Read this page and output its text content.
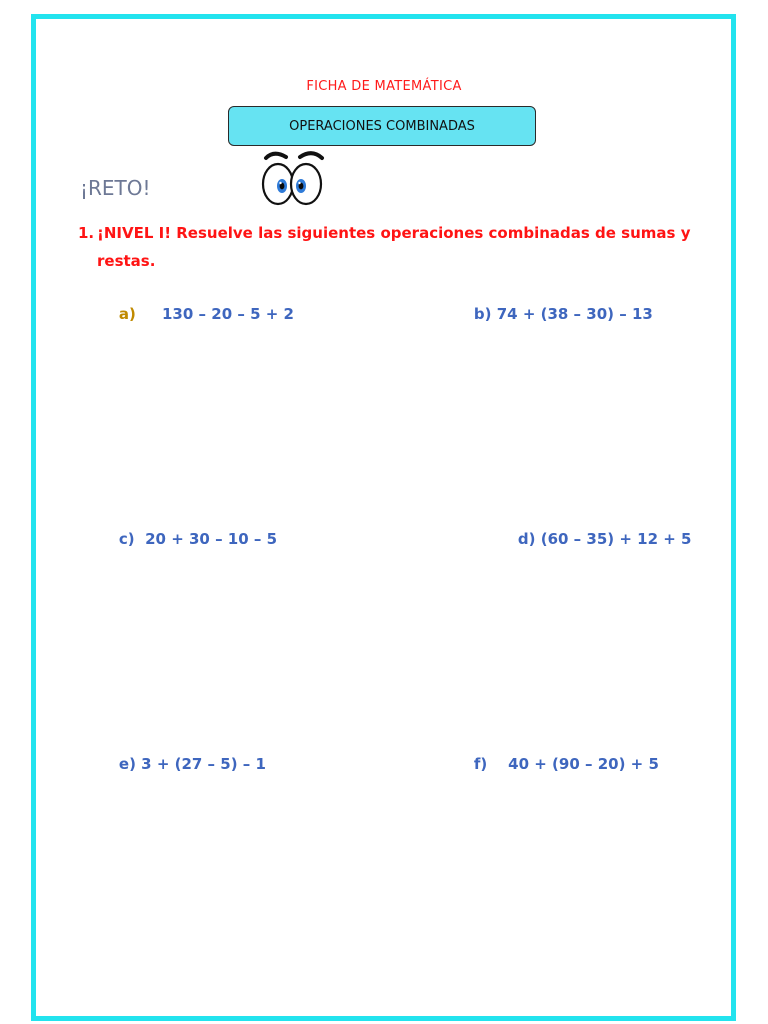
FICHA DE MATEMÁTICA
OPERACIONES COMBINADAS
¡RETO!
1. ¡NIVEL I! Resuelve las siguientes operaciones combinadas de sumas y
restas.

a) 130 – 20 – 5 + 2
	b) 74 + (38 – 30) – 13

c) 20 + 30 – 10 – 5
	d) (60 – 35) + 12 + 5

e) 3 + (27 – 5) – 1
	f) 40 + (90 – 20) + 5
